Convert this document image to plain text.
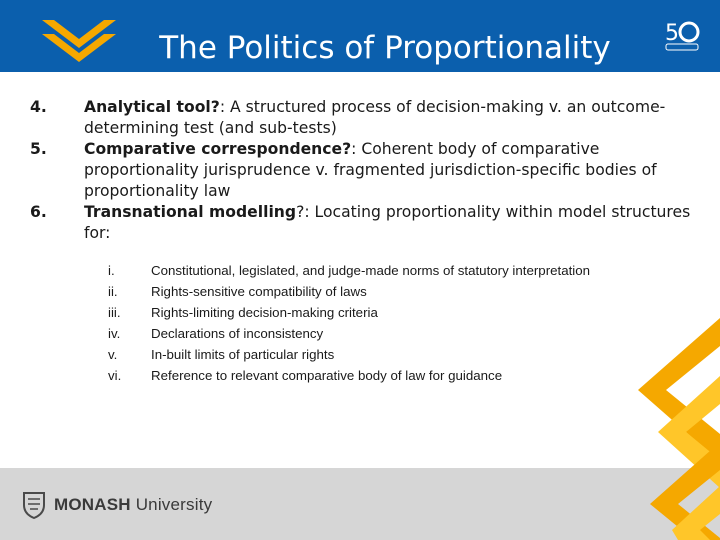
The Politics of Proportionality	5
4.	Analytical tool?: A structured process of decision-making v. an outcome-determining test (and sub-tests)
5.	Comparative correspondence?: Coherent body of comparative proportionality jurisprudence v. fragmented jurisdiction-specific bodies of proportionality law
6.	Transnational modelling?: Locating proportionality within model structures for:
i.	Constitutional, legislated, and judge-made norms of statutory interpretation
ii.	Rights-sensitive compatibility of laws
iii.	Rights-limiting decision-making criteria
iv.	Declarations of inconsistency
v.	In-built limits of particular rights
vi.	Reference to relevant comparative body of law for guidance
MONASH University
